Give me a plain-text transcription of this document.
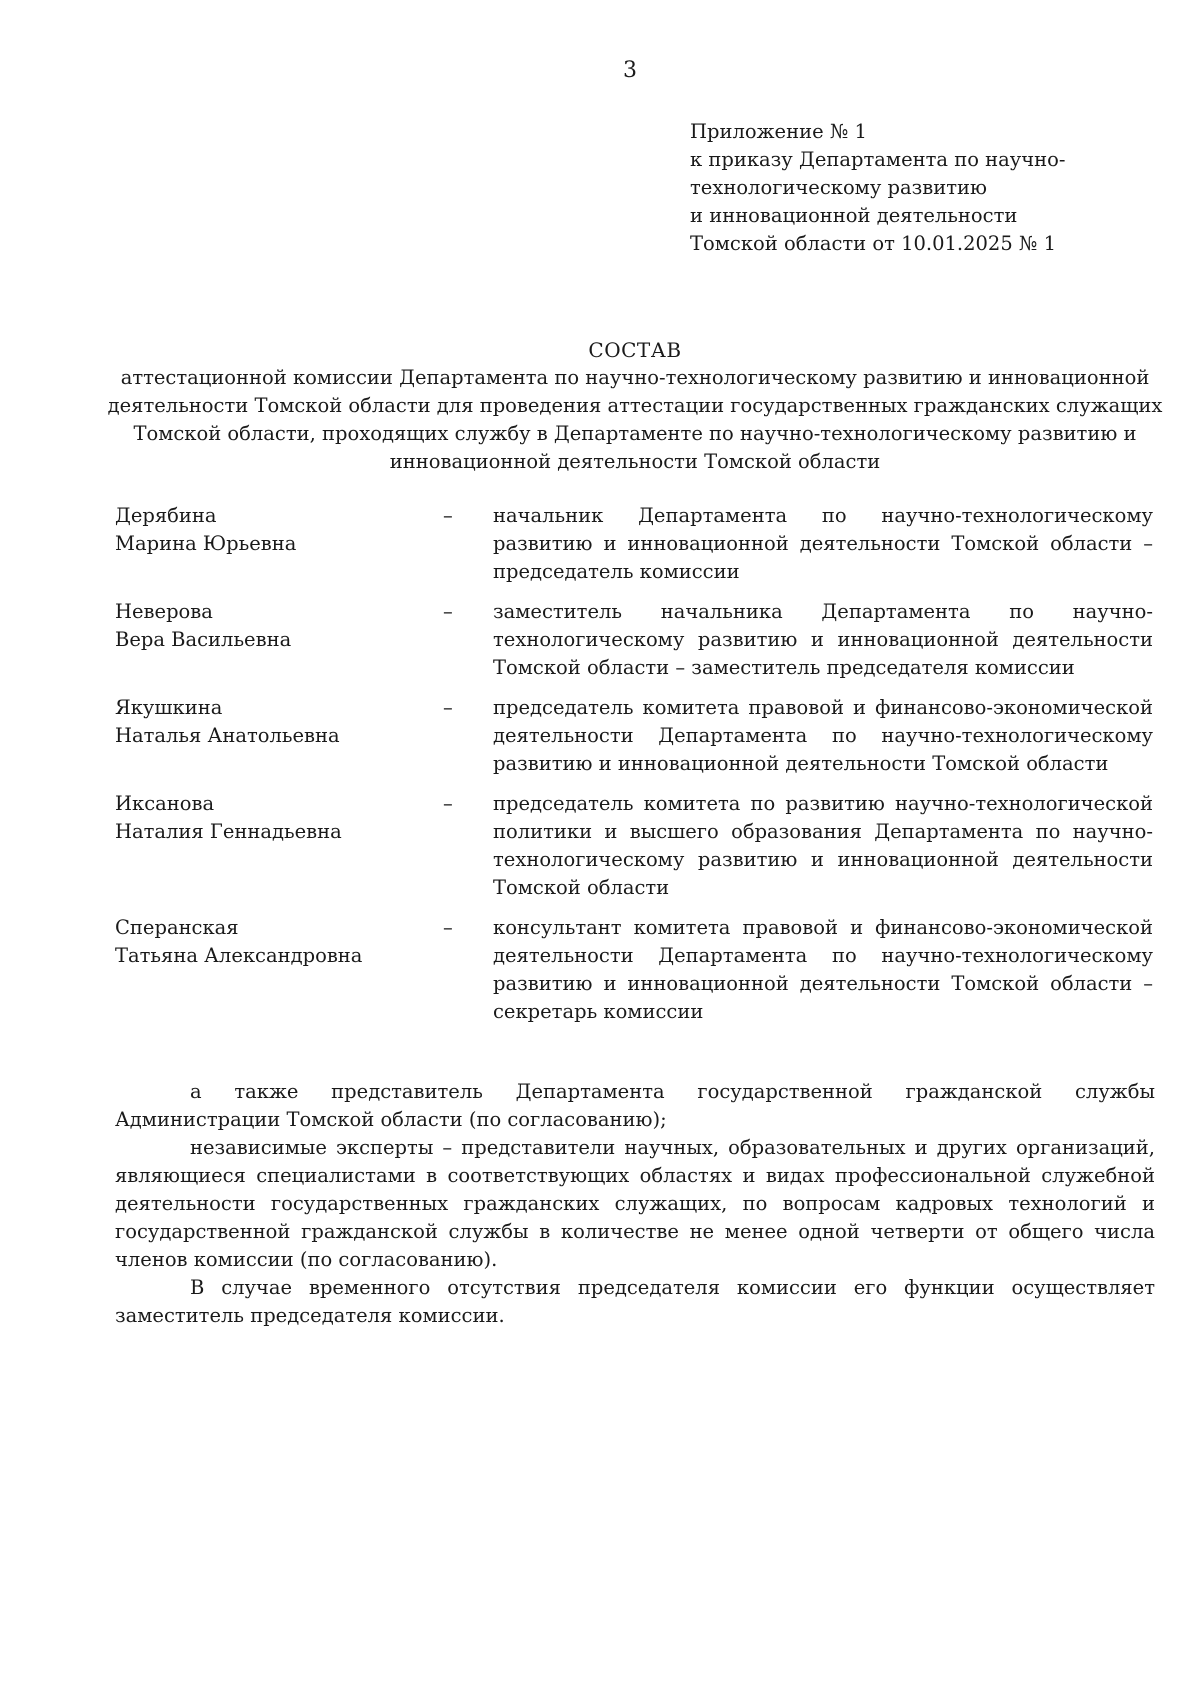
3
Приложение № 1
к приказу Департамента по научно-
технологическому развитию
и инновационной деятельности
Томской области от 10.01.2025 № 1
СОСТАВ
аттестационной комиссии Департамента по научно-технологическому развитию и инновационной деятельности Томской области для проведения аттестации государственных гражданских служащих Томской области, проходящих службу в Департаменте по научно-технологическому развитию и инновационной деятельности Томской области
Дерябина
Марина Юрьевна
–	начальник Департамента по научно-технологическому развитию и инновационной деятельности Томской области – председатель комиссии
Неверова
Вера Васильевна
–	заместитель начальника Департамента по научно-технологическому развитию и инновационной деятельности Томской области – заместитель председателя комиссии
Якушкина
Наталья Анатольевна
–	председатель комитета правовой и финансово-экономической деятельности Департамента по научно-технологическому развитию и инновационной деятельности Томской области
Иксанова
Наталия Геннадьевна
–	председатель комитета по развитию научно-технологической политики и высшего образования Департамента по научно-технологическому развитию и инновационной деятельности Томской области
Сперанская
Татьяна Александровна
–	консультант комитета правовой и финансово-экономической деятельности Департамента по научно-технологическому развитию и инновационной деятельности Томской области – секретарь комиссии

а также представитель Департамента государственной гражданской службы Администрации Томской области (по согласованию);

независимые эксперты – представители научных, образовательных и других организаций, являющиеся специалистами в соответствующих областях и видах профессиональной служебной деятельности государственных гражданских служащих, по вопросам кадровых технологий и государственной гражданской службы в количестве не менее одной четверти от общего числа членов комиссии (по согласованию).

В случае временного отсутствия председателя комиссии его функции осуществляет заместитель председателя комиссии.
